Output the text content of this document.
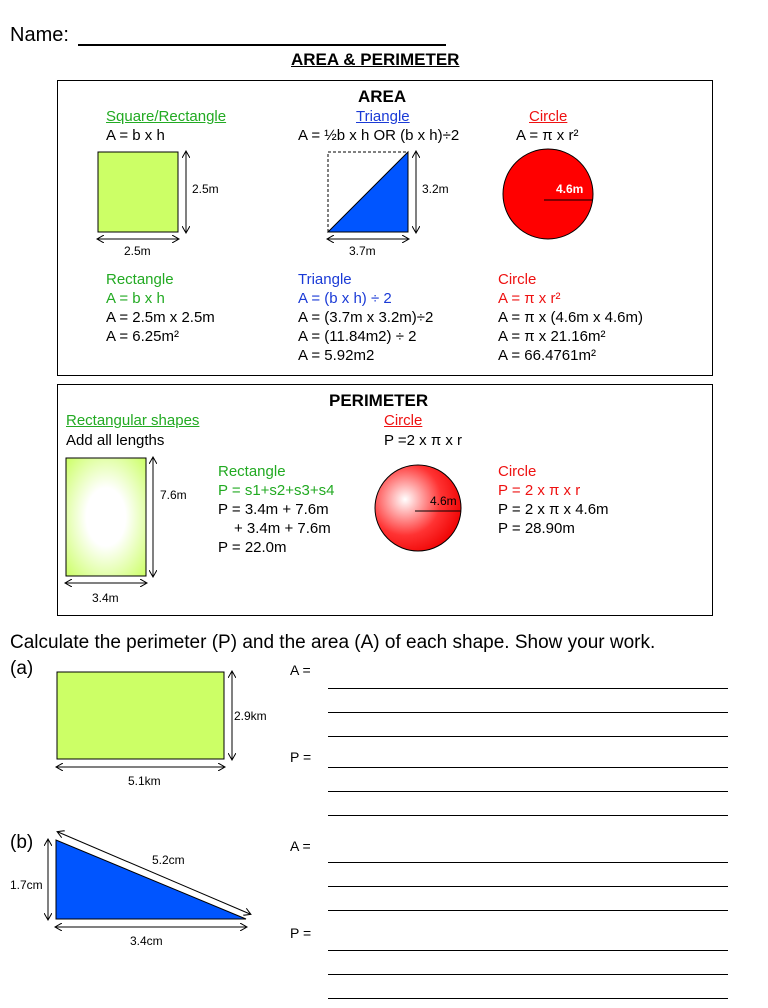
Name:
AREA & PERIMETER
AREA
Square/Rectangle
A = b x h
Triangle
A = ½b x h OR (b x h)÷2
Circle
A = π x r²
2.5m
2.5m
3.2m
3.7m
4.6m
Rectangle
A = b x h
A = 2.5m x 2.5m
A = 6.25m²
Triangle
A = (b x h) ÷ 2
A = (3.7m x 3.2m)÷2
A = (11.84m2) ÷ 2
A = 5.92m2
Circle
A = π x r²
A = π x (4.6m x 4.6m)
A = π x 21.16m²
A = 66.4761m²
PERIMETER
Rectangular shapes
Add all lengths
Circle
P =2 x π x r
7.6m
3.4m
4.6m
Rectangle
P = s1+s2+s3+s4
P = 3.4m + 7.6m
+ 3.4m + 7.6m
P = 22.0m
Circle
P = 2 x π x r
P = 2 x π x 4.6m
P = 28.90m
Calculate the perimeter (P) and the area (A) of each shape. Show your work.
(a)
2.9km
5.1km
A =
P =
(b)
1.7cm
5.2cm
3.4cm
A =
P =
